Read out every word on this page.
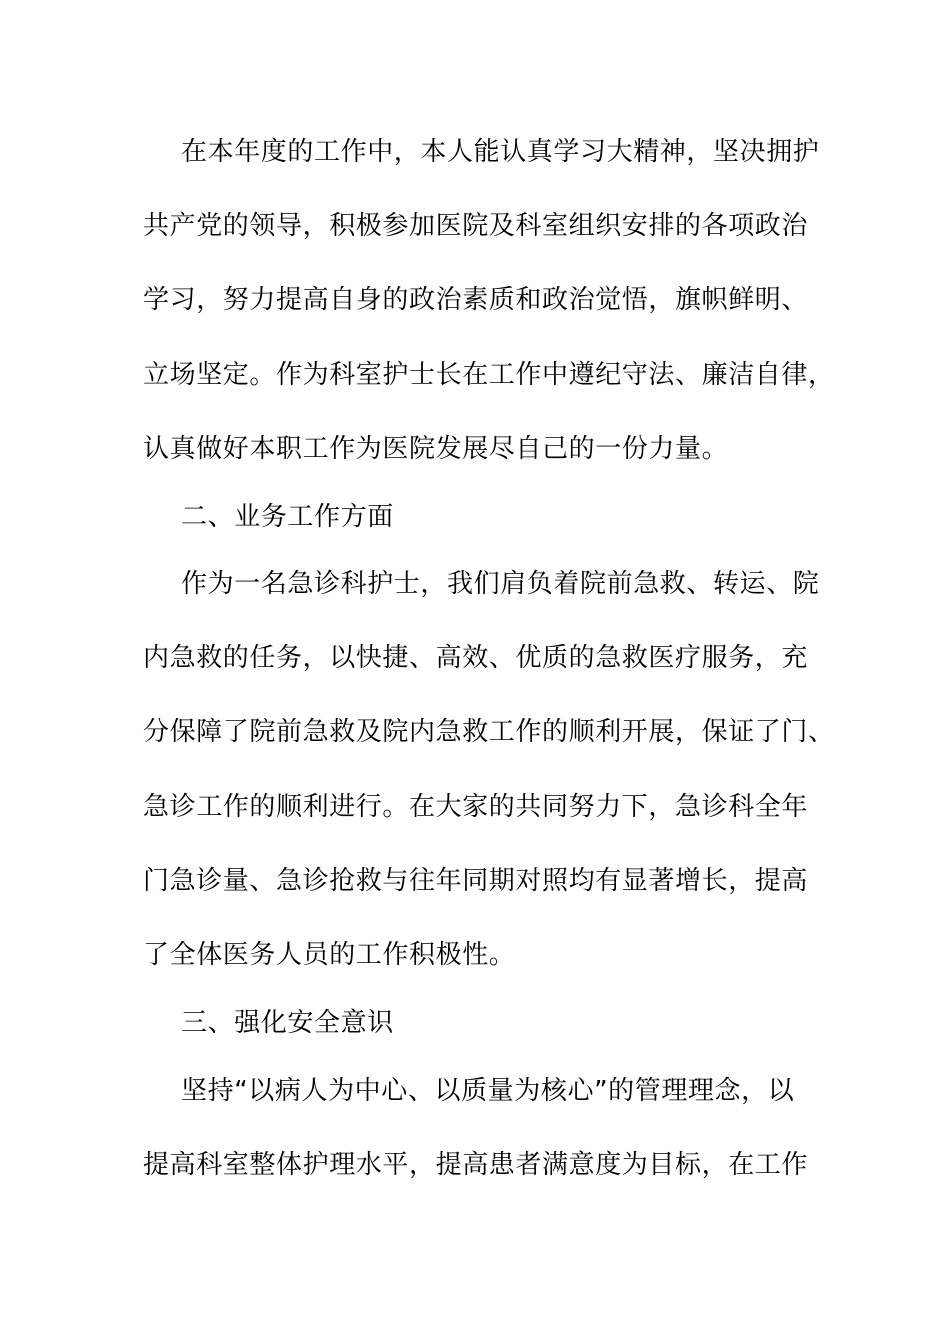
在本年度的工作中，本人能认真学习大精神，坚决拥护
共产党的领导，积极参加医院及科室组织安排的各项政治
学习，努力提高自身的政治素质和政治觉悟，旗帜鲜明、
立场坚定。作为科室护士长在工作中遵纪守法、廉洁自律，
认真做好本职工作为医院发展尽自己的一份力量。
二、业务工作方面
作为一名急诊科护士，我们肩负着院前急救、转运、院
内急救的任务，以快捷、高效、优质的急救医疗服务，充
分保障了院前急救及院内急救工作的顺利开展，保证了门、
急诊工作的顺利进行。在大家的共同努力下，急诊科全年
门急诊量、急诊抢救与往年同期对照均有显著增长，提高
了全体医务人员的工作积极性。
三、强化安全意识
坚持“以病人为中心、以质量为核心”的管理理念，以
提高科室整体护理水平，提高患者满意度为目标，在工作
